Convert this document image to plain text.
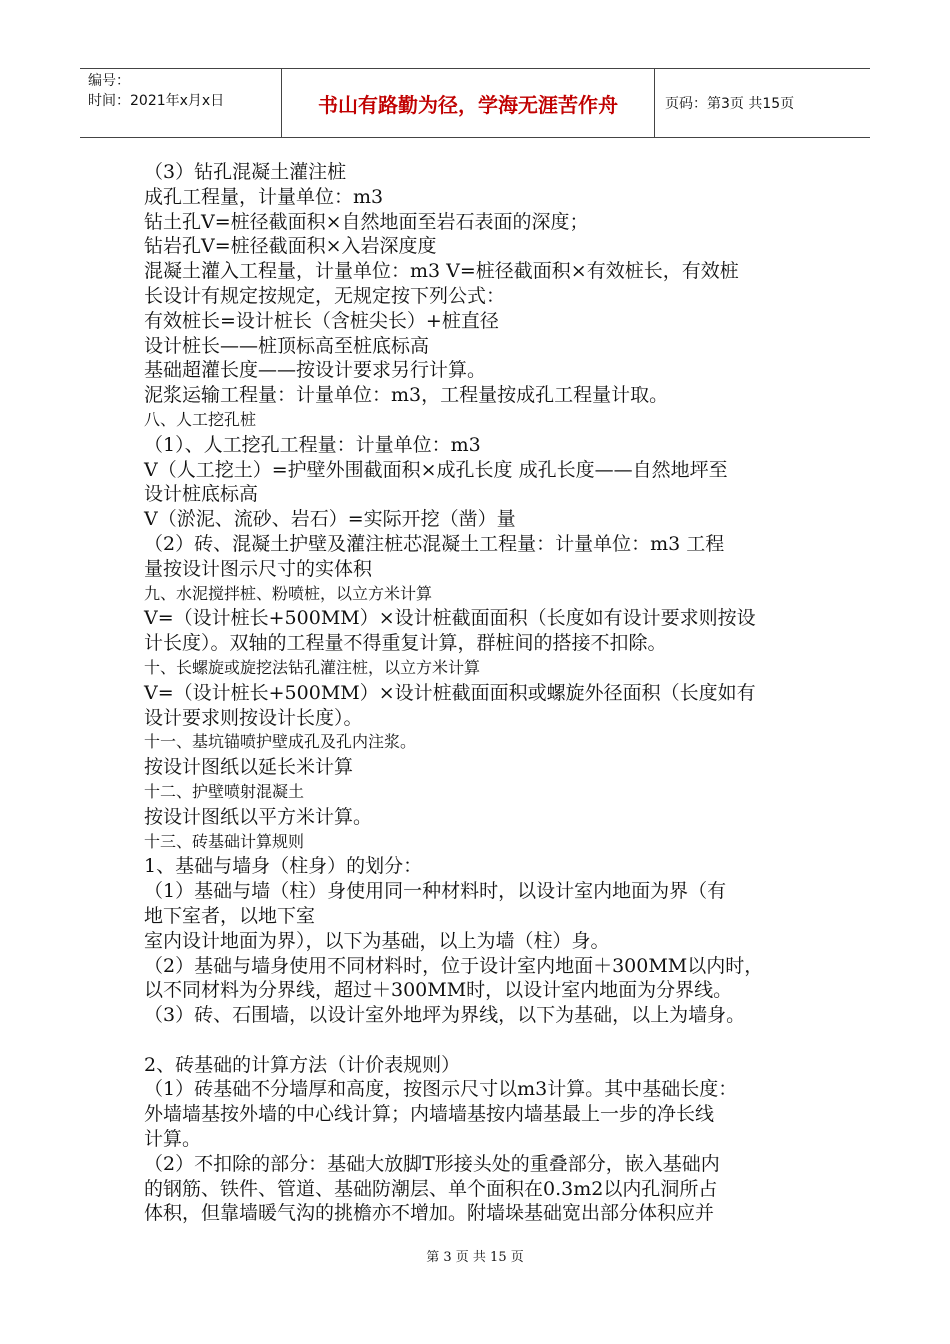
编号：
时间：2021年x月x日	书山有路勤为径，学海无涯苦作舟	页码：第3页 共15页
（3）钻孔混凝土灌注桩
成孔工程量，计量单位：m3
钻土孔V=桩径截面积×自然地面至岩石表面的深度；
钻岩孔V=桩径截面积×入岩深度度
混凝土灌入工程量，计量单位：m3 V=桩径截面积×有效桩长，有效桩
长设计有规定按规定，无规定按下列公式：
有效桩长=设计桩长（含桩尖长）+桩直径
设计桩长——桩顶标高至桩底标高
基础超灌长度——按设计要求另行计算。
泥浆运输工程量：计量单位：m3，工程量按成孔工程量计取。
八、人工挖孔桩
（1）、人工挖孔工程量：计量单位：m3
V（人工挖土）=护壁外围截面积×成孔长度 成孔长度——自然地坪至
设计桩底标高
V（淤泥、流砂、岩石）=实际开挖（凿）量
（2）砖、混凝土护壁及灌注桩芯混凝土工程量：计量单位：m3 工程
量按设计图示尺寸的实体积
九、水泥搅拌桩、粉喷桩，以立方米计算
V=（设计桩长+500MM）×设计桩截面面积（长度如有设计要求则按设
计长度）。双轴的工程量不得重复计算，群桩间的搭接不扣除。
十、长螺旋或旋挖法钻孔灌注桩，以立方米计算
V=（设计桩长+500MM）×设计桩截面面积或螺旋外径面积（长度如有
设计要求则按设计长度）。
十一、基坑锚喷护壁成孔及孔内注浆。
按设计图纸以延长米计算
十二、护壁喷射混凝土
按设计图纸以平方米计算。
十三、砖基础计算规则
1、基础与墙身（柱身）的划分：
（1）基础与墙（柱）身使用同一种材料时，以设计室内地面为界（有
地下室者，以地下室
室内设计地面为界），以下为基础，以上为墙（柱）身。
（2）基础与墙身使用不同材料时，位于设计室内地面＋300MM以内时，
以不同材料为分界线，超过＋300MM时，以设计室内地面为分界线。
（3）砖、石围墙，以设计室外地坪为界线，以下为基础，以上为墙身。
2、砖基础的计算方法（计价表规则）
（1）砖基础不分墙厚和高度，按图示尺寸以m3计算。其中基础长度：
外墙墙基按外墙的中心线计算；内墙墙基按内墙基最上一步的净长线
计算。
（2）不扣除的部分：基础大放脚T形接头处的重叠部分，嵌入基础内
的钢筋、铁件、管道、基础防潮层、单个面积在0.3m2以内孔洞所占
体积，但靠墙暖气沟的挑檐亦不增加。附墙垛基础宽出部分体积应并
第 3 页 共 15 页
